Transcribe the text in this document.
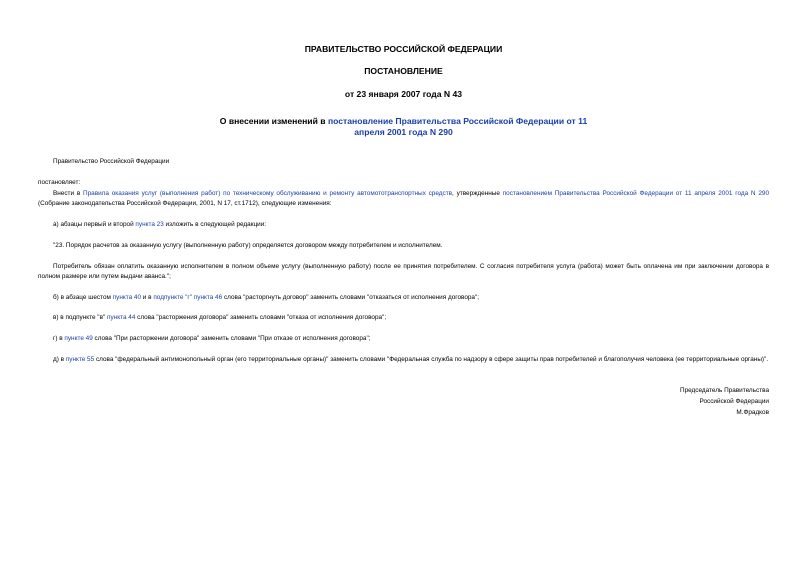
ПРАВИТЕЛЬСТВО РОССИЙСКОЙ ФЕДЕРАЦИИ
ПОСТАНОВЛЕНИЕ
от 23 января 2007 года N 43
О внесении изменений в постановление Правительства Российской Федерации от 11 апреля 2001 года N 290
Правительство Российской Федерации
постановляет:
Внести в Правила оказания услуг (выполнения работ) по техническому обслуживанию и ремонту автомототранспортных средств, утвержденные постановлением Правительства Российской Федерации от 11 апреля 2001 года N 290 (Собрание законодательства Российской Федерации, 2001, N 17, ст.1712), следующие изменения:
а) абзацы первый и второй пункта 23 изложить в следующей редакции:
"23. Порядок расчетов за оказанную услугу (выполненную работу) определяется договором между потребителем и исполнителем.
Потребитель обязан оплатить оказанную исполнителем в полном объеме услугу (выполненную работу) после ее принятия потребителем. С согласия потребителя услуга (работа) может быть оплачена им при заключении договора в полном размере или путем выдачи аванса.";
б) в абзаце шестом пункта 40 и в подпункте "г" пункта 46 слова "расторгнуть договор" заменить словами "отказаться от исполнения договора";
в) в подпункте "в" пункта 44 слова "расторжения договора" заменить словами "отказа от исполнения договора";
г) в пункте 49 слова "При расторжении договора" заменить словами "При отказе от исполнения договора";
д) в пункте 55 слова "федеральный антимонопольный орган (его территориальные органы)" заменить словами "Федеральная служба по надзору в сфере защиты прав потребителей и благополучия человека (ее территориальные органы)".
Председатель Правительства
Российской Федерации
М.Фрадков
